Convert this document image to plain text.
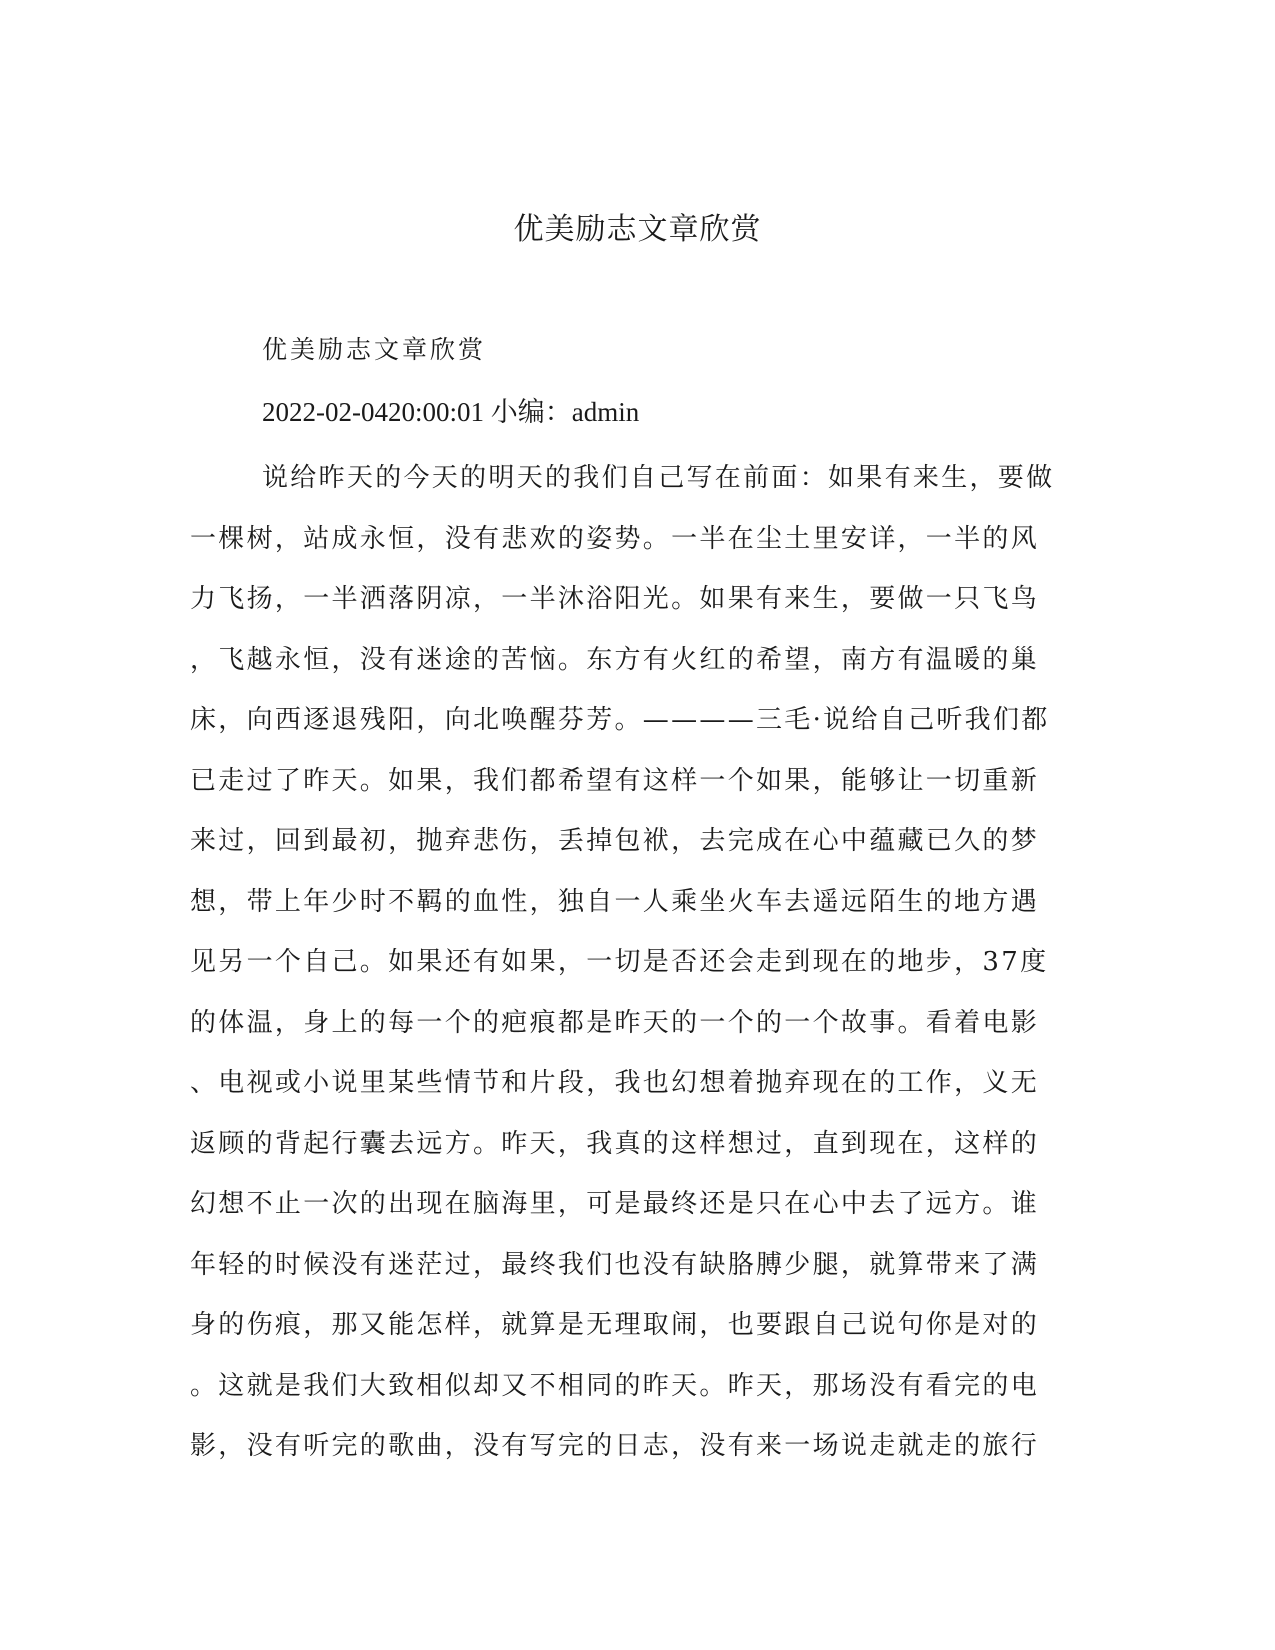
优美励志文章欣赏

优美励志文章欣赏

2022-02-0420:00:01 小编：admin

说给昨天的今天的明天的我们自己写在前面：如果有来生，要做
一棵树，站成永恒，没有悲欢的姿势。一半在尘土里安详，一半的风
力飞扬，一半洒落阴凉，一半沐浴阳光。如果有来生，要做一只飞鸟
，飞越永恒，没有迷途的苦恼。东方有火红的希望，南方有温暖的巢
床，向西逐退残阳，向北唤醒芬芳。————三毛·说给自己听我们都
已走过了昨天。如果，我们都希望有这样一个如果，能够让一切重新
来过，回到最初，抛弃悲伤，丢掉包袱，去完成在心中蕴藏已久的梦
想，带上年少时不羁的血性，独自一人乘坐火车去遥远陌生的地方遇
见另一个自己。如果还有如果，一切是否还会走到现在的地步，37度
的体温，身上的每一个的疤痕都是昨天的一个的一个故事。看着电影
、电视或小说里某些情节和片段，我也幻想着抛弃现在的工作，义无
返顾的背起行囊去远方。昨天，我真的这样想过，直到现在，这样的
幻想不止一次的出现在脑海里，可是最终还是只在心中去了远方。谁
年轻的时候没有迷茫过，最终我们也没有缺胳膊少腿，就算带来了满
身的伤痕，那又能怎样，就算是无理取闹，也要跟自己说句你是对的
。这就是我们大致相似却又不相同的昨天。昨天，那场没有看完的电
影，没有听完的歌曲，没有写完的日志，没有来一场说走就走的旅行
